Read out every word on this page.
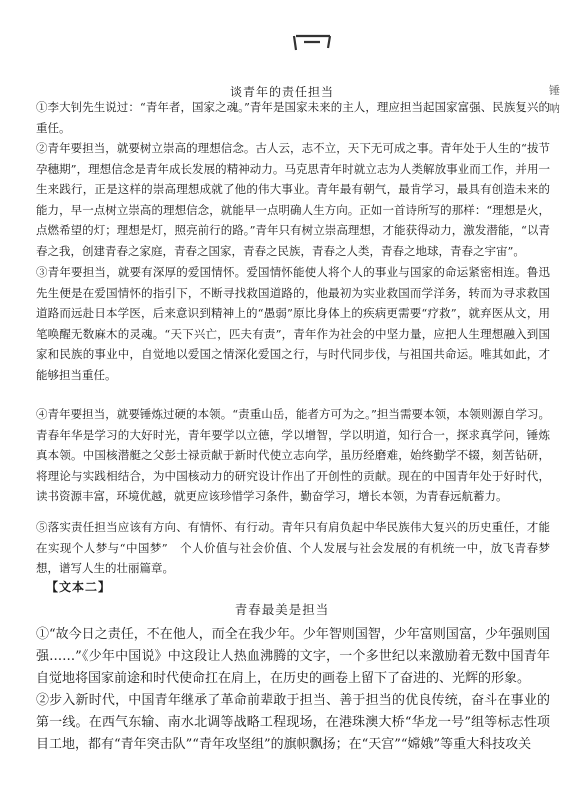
锤
呐
谈青年的责任担当

①李大钊先生说过：“青年者，国家之魂。”青年是国家未来的主人，理应担当起国家富强、民族复兴的重任。

②青年要担当，就要树立崇高的理想信念。古人云，志不立，天下无可成之事。青年处于人生的“拔节孕穗期”，理想信念是青年成长发展的精神动力。马克思青年时就立志为人类解放事业而工作，并用一生来践行，正是这样的崇高理想成就了他的伟大事业。青年最有朝气，最肯学习，最具有创造未来的能力，早一点树立崇高的理想信念，就能早一点明确人生方向。正如一首诗所写的那样：“理想是火，点燃希望的灯；理想是灯，照亮前行的路。”青年只有树立崇高理想，才能获得动力，激发潜能，“以青春之我，创建青春之家庭，青春之国家，青春之民族，青春之人类，青春之地球，青春之宇宙”。

③青年要担当，就要有深厚的爱国情怀。爱国情怀能使人将个人的事业与国家的命运紧密相连。鲁迅先生便是在爱国情怀的指引下，不断寻找救国道路的，他最初为实业救国而学洋务，转而为寻求救国道路而远赴日本学医，后来意识到精神上的“愚弱”原比身体上的疾病更需要“疗救”，就弃医从文，用笔唤醒无数麻木的灵魂。“天下兴亡，匹夫有责”，青年作为社会的中坚力量，应把人生理想融入到国家和民族的事业中，自觉地以爱国之情深化爱国之行，与时代同步伐，与祖国共命运。唯其如此，才能够担当重任。

④青年要担当，就要锤炼过硬的本领。“责重山岳，能者方可为之。”担当需要本领，本领则源自学习。青春年华是学习的大好时光，青年要学以立德，学以增智，学以明道，知行合一，探求真学问，锤炼真本领。中国核潜艇之父彭士禄贡献于新时代使立志向学，虽历经磨难，始终勤学不辍，刻苦钻研，将理论与实践相结合，为中国核动力的研究设计作出了开创性的贡献。现在的中国青年处于好时代，读书资源丰富，环境优越，就更应该珍惜学习条件，勤奋学习，增长本领，为青春远航蓄力。

⑤落实责任担当应该有方向、有情怀、有行动。青年只有肩负起中华民族伟大复兴的历史重任，才能在实现个人梦与“中国梦”　个人价值与社会价值、个人发展与社会发展的有机统一中，放飞青春梦想，谱写人生的壮丽篇章。

【文本二】
青春最美是担当

①“故今日之责任，不在他人，而全在我少年。少年智则国智，少年富则国富，少年强则国强……”《少年中国说》中这段让人热血沸腾的文字，一个多世纪以来激励着无数中国青年自觉地将国家前途和时代使命扛在肩上，在历史的画卷上留下了奋进的、光辉的形象。

②步入新时代，中国青年继承了革命前辈敢于担当、善于担当的优良传统，奋斗在事业的第一线。在西气东输、南水北调等战略工程现场，在港珠澳大桥“华龙一号”组等标志性项目工地，都有“青年突击队”“青年攻坚组”的旗帜飘扬；在“天宫”“嫦娥”等重大科技攻关
